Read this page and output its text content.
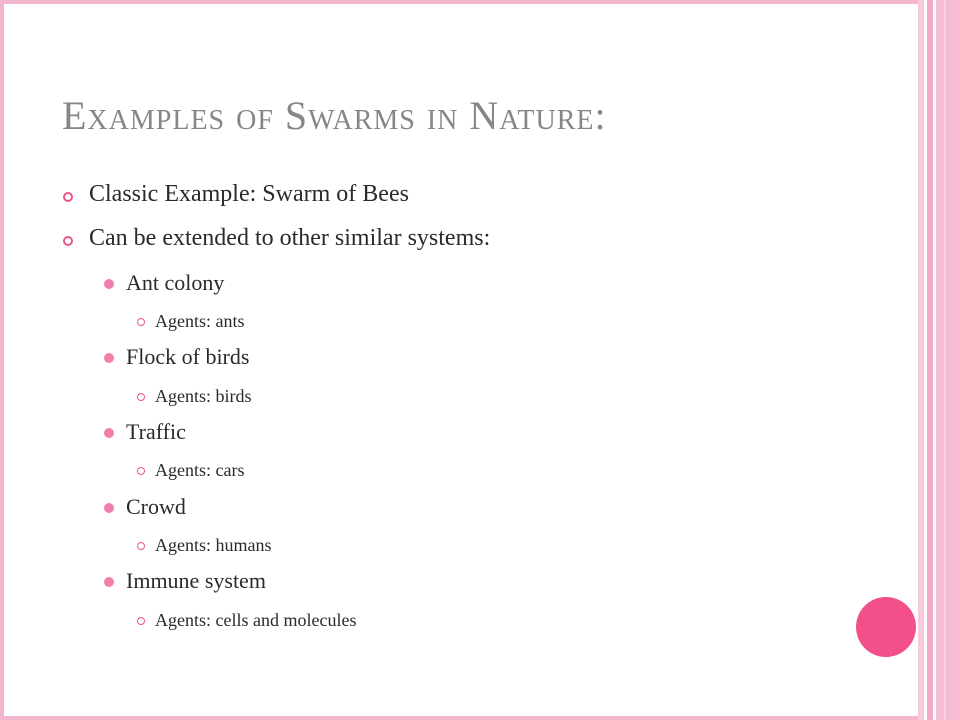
Examples of Swarms in Nature:
Classic Example: Swarm of Bees
Can be extended to other similar systems:
Ant colony
Agents: ants
Flock of birds
Agents: birds
Traffic
Agents: cars
Crowd
Agents: humans
Immune system
Agents: cells and molecules
